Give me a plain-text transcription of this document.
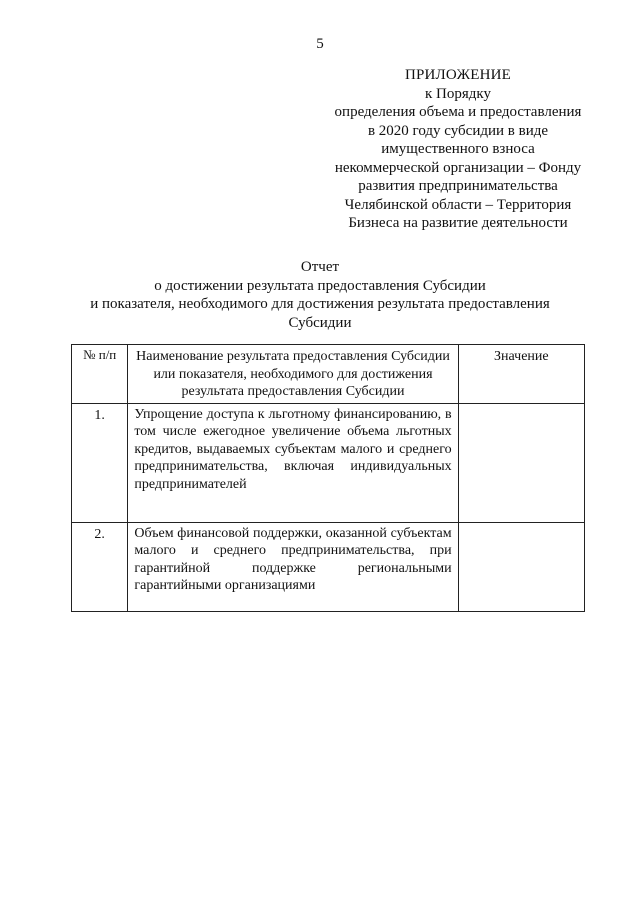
5
ПРИЛОЖЕНИЕ
к Порядку
определения объема и предоставления
в 2020 году субсидии в виде
имущественного взноса
некоммерческой организации – Фонду
развития предпринимательства
Челябинской области – Территория
Бизнеса на развитие деятельности
Отчет
о достижении результата предоставления Субсидии
и показателя, необходимого для достижения результата предоставления
Субсидии
№ п/п	Наименование результата предоставления Субсидии или показателя, необходимого для достижения результата предоставления Субсидии	Значение
1.	Упрощение доступа к льготному финансированию, в том числе ежегодное увеличение объема льготных кредитов, выдаваемых субъектам малого и среднего предпринимательства, включая индивидуальных предпринимателей	

2.	Объем финансовой поддержки, оказанной субъектам малого и среднего предпринимательства, при гарантийной поддержке региональными гарантийными организациями	
